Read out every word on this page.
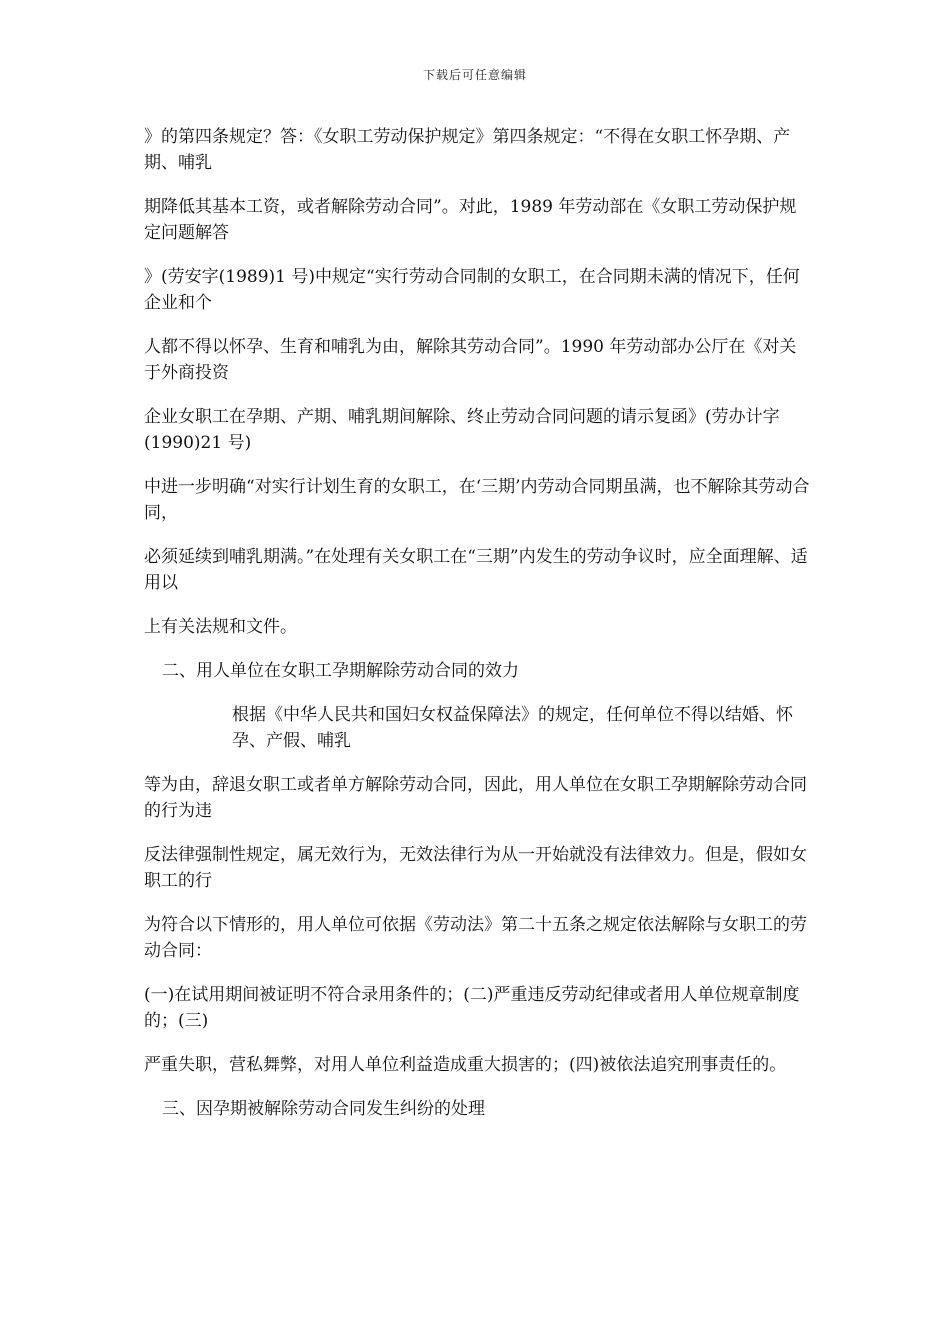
下载后可任意编辑

》的第四条规定？答：《女职工劳动保护规定》第四条规定：“不得在女职工怀孕期、产期、哺乳

期降低其基本工资，或者解除劳动合同”。对此，1989 年劳动部在《女职工劳动保护规定问题解答

》(劳安字(1989)1 号)中规定“实行劳动合同制的女职工，在合同期未满的情况下，任何企业和个

人都不得以怀孕、生育和哺乳为由，解除其劳动合同”。1990 年劳动部办公厅在《对关于外商投资

企业女职工在孕期、产期、哺乳期间解除、终止劳动合同问题的请示复函》(劳办计字(1990)21 号)

中进一步明确“对实行计划生育的女职工，在‘三期’内劳动合同期虽满，也不解除其劳动合同，

必须延续到哺乳期满。”在处理有关女职工在“三期”内发生的劳动争议时，应全面理解、适用以

上有关法规和文件。

二、用人单位在女职工孕期解除劳动合同的效力

根据《中华人民共和国妇女权益保障法》的规定，任何单位不得以结婚、怀孕、产假、哺乳

等为由，辞退女职工或者单方解除劳动合同，因此，用人单位在女职工孕期解除劳动合同的行为违

反法律强制性规定，属无效行为，无效法律行为从一开始就没有法律效力。但是，假如女职工的行

为符合以下情形的，用人单位可依据《劳动法》第二十五条之规定依法解除与女职工的劳动合同：

(一)在试用期间被证明不符合录用条件的；(二)严重违反劳动纪律或者用人单位规章制度的；(三)

严重失职，营私舞弊，对用人单位利益造成重大损害的；(四)被依法追究刑事责任的。

三、因孕期被解除劳动合同发生纠纷的处理
